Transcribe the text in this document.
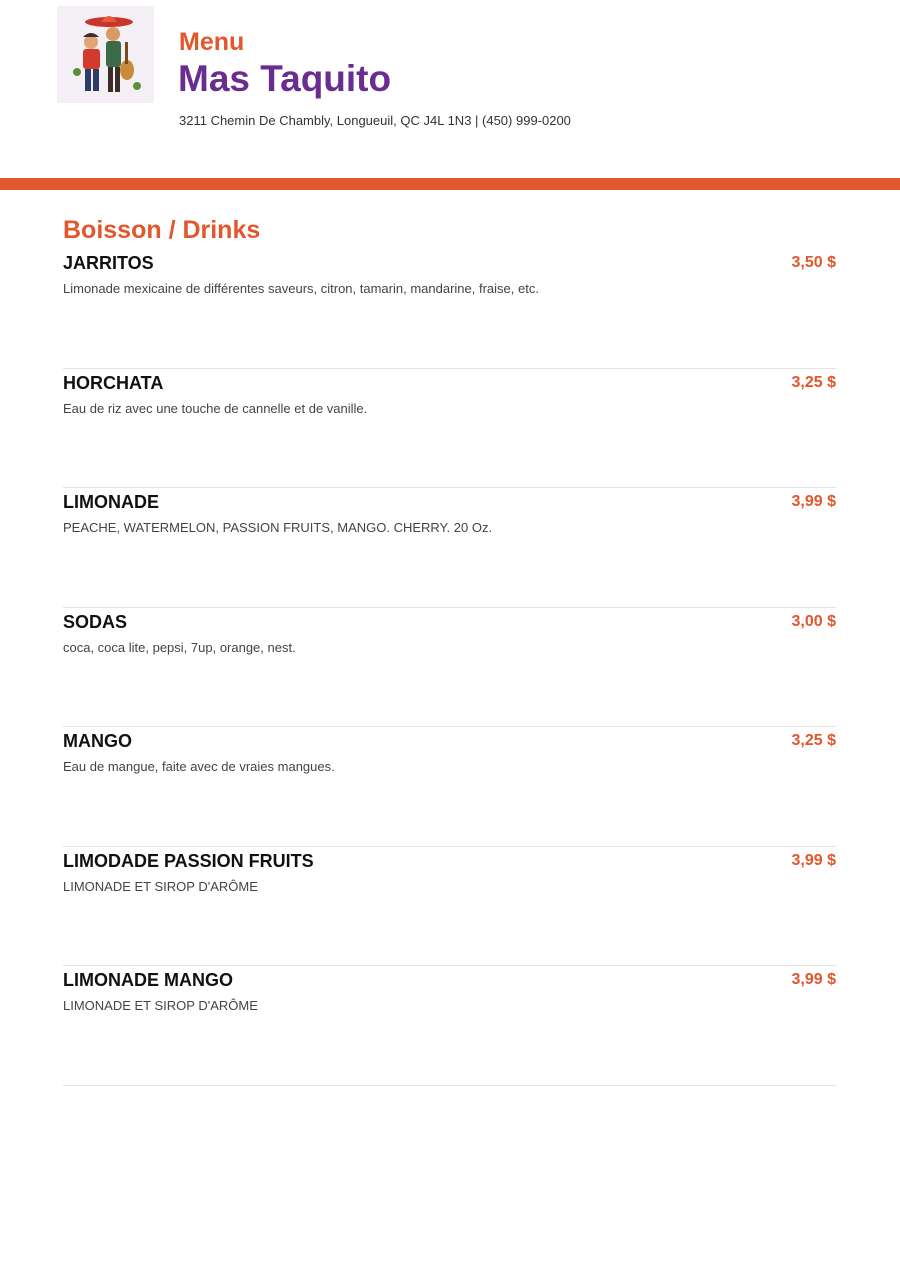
Menu
Mas Taquito
3211 Chemin De Chambly, Longueuil, QC J4L 1N3 | (450) 999-0200
Boisson / Drinks
JARRITOS	3,50 $
Limonade mexicaine de différentes saveurs, citron, tamarin, mandarine, fraise, etc.
HORCHATA	3,25 $
Eau de riz avec une touche de cannelle et de vanille.
LIMONADE	3,99 $
PEACHE, WATERMELON, PASSION FRUITS, MANGO. CHERRY. 20 Oz.
SODAS	3,00 $
coca, coca lite, pepsi, 7up, orange, nest.
MANGO	3,25 $
Eau de mangue, faite avec de vraies mangues.
LIMODADE PASSION FRUITS	3,99 $
LIMONADE ET SIROP D'ARÔME
LIMONADE MANGO	3,99 $
LIMONADE ET SIROP D'ARÔME
